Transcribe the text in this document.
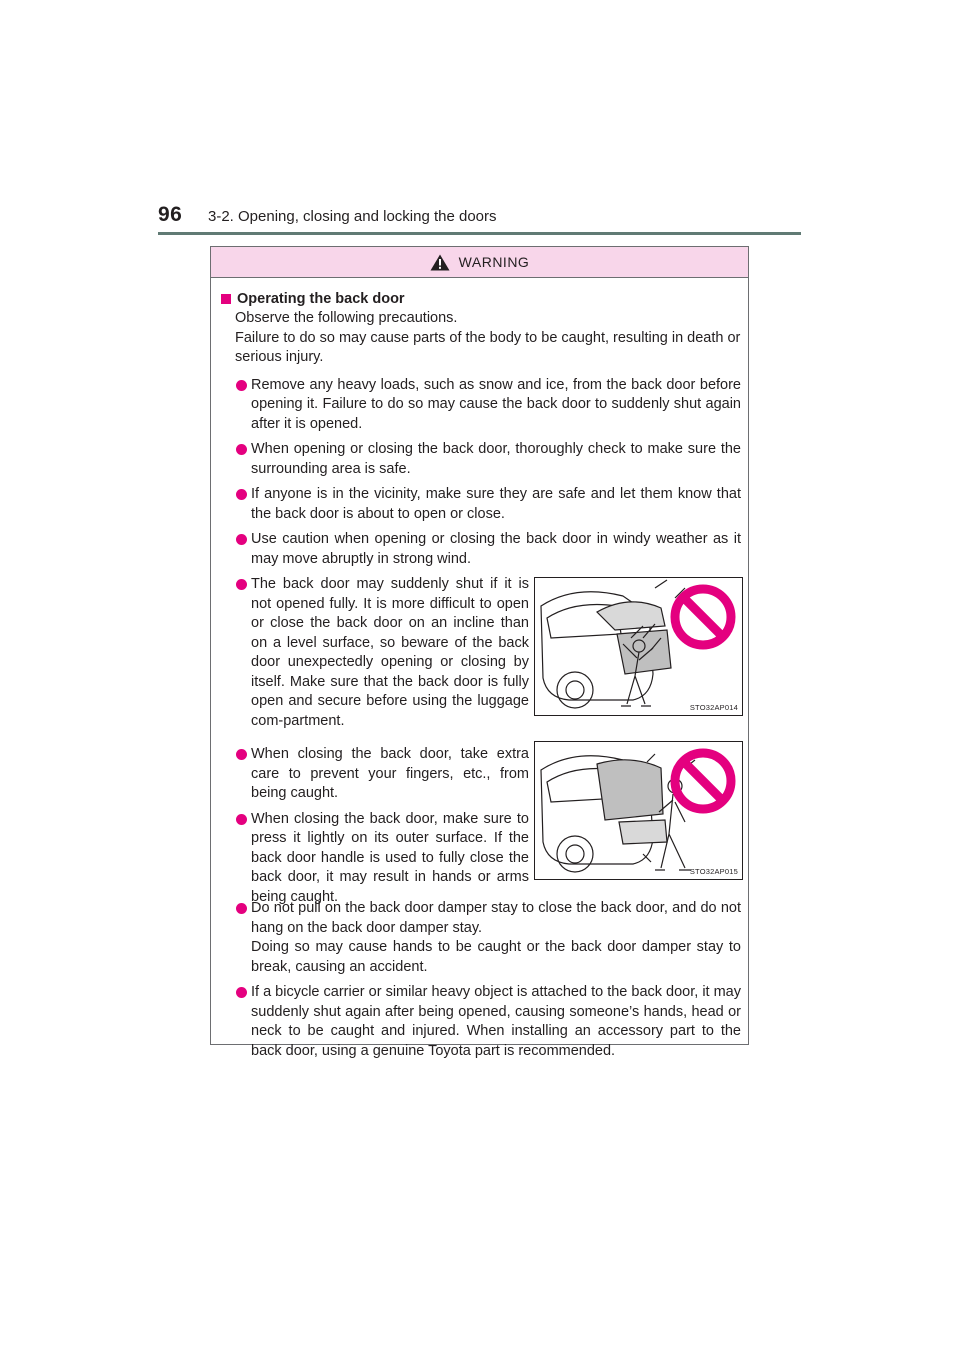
96 3-2. Opening, closing and locking the doors
WARNING
Operating the back door
Observe the following precautions.
Failure to do so may cause parts of the body to be caught, resulting in death or serious injury.
Remove any heavy loads, such as snow and ice, from the back door before opening it. Failure to do so may cause the back door to suddenly shut again after it is opened.
When opening or closing the back door, thoroughly check to make sure the surrounding area is safe.
If anyone is in the vicinity, make sure they are safe and let them know that the back door is about to open or close.
Use caution when opening or closing the back door in windy weather as it may move abruptly in strong wind.
The back door may suddenly shut if it is not opened fully. It is more difficult to open or close the back door on an incline than on a level surface, so beware of the back door unexpectedly opening or closing by itself. Make sure that the back door is fully open and secure before using the luggage com-partment.
STO32AP014
When closing the back door, take extra care to prevent your fingers, etc., from being caught.
When closing the back door, make sure to press it lightly on its outer surface. If the back door handle is used to fully close the back door, it may result in hands or arms being caught.
STO32AP015
Do not pull on the back door damper stay to close the back door, and do not hang on the back door damper stay.
Doing so may cause hands to be caught or the back door damper stay to break, causing an accident.
If a bicycle carrier or similar heavy object is attached to the back door, it may suddenly shut again after being opened, causing someone’s hands, head or neck to be caught and injured. When installing an accessory part to the back door, using a genuine Toyota part is recommended.
